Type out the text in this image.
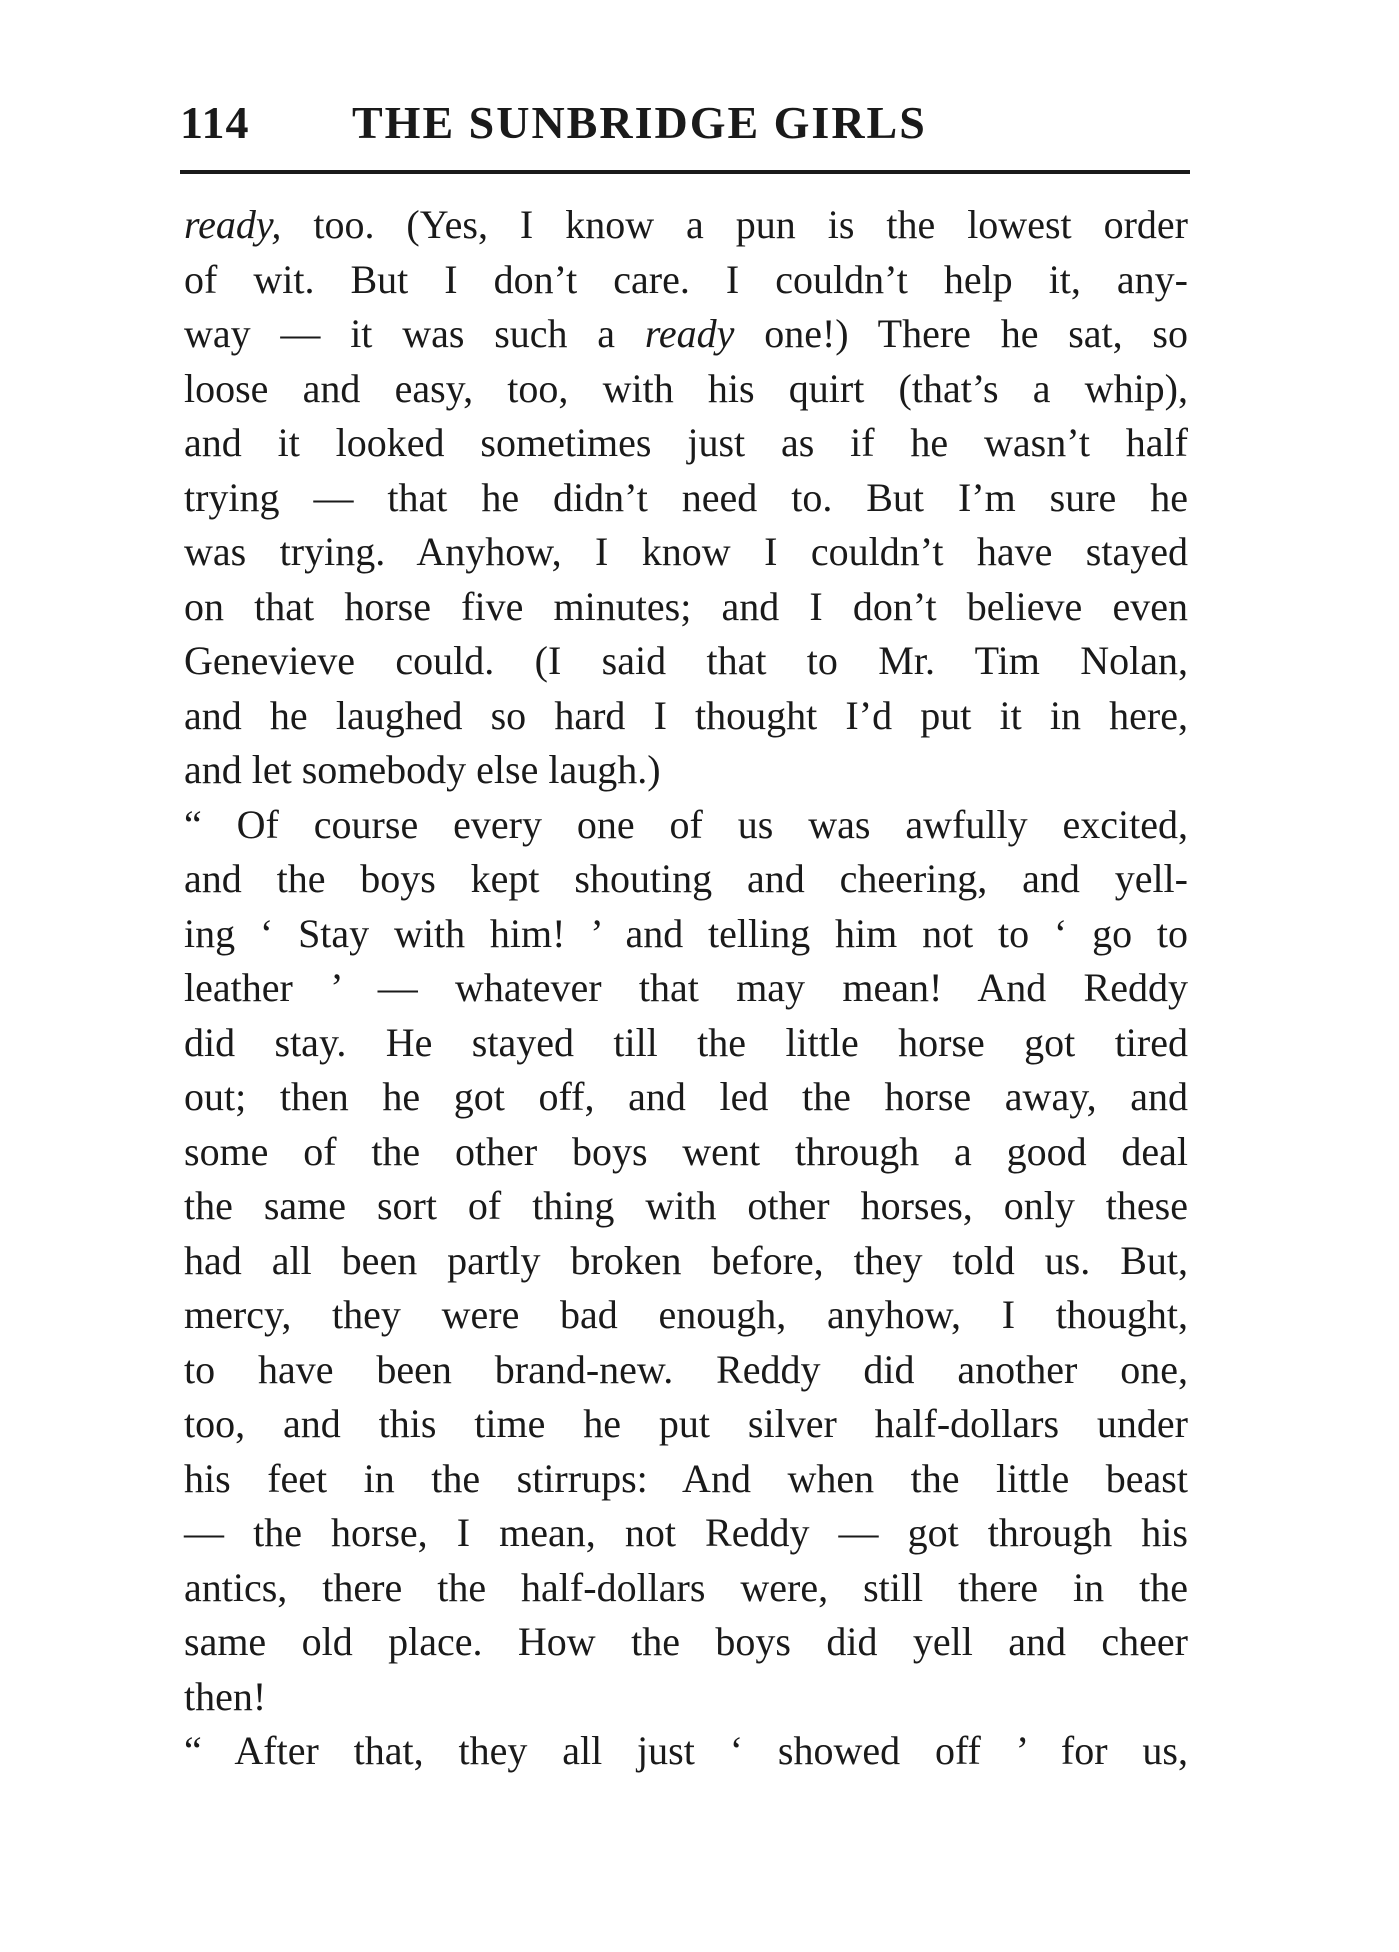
114 THE SUNBRIDGE GIRLS
ready, too. (Yes, I know a pun is the lowest order
of wit. But I don’t care. I couldn’t help it, any-
way — it was such a ready one!) There he sat, so
loose and easy, too, with his quirt (that’s a whip),
and it looked sometimes just as if he wasn’t half
trying — that he didn’t need to. But I’m sure he
was trying. Anyhow, I know I couldn’t have stayed
on that horse five minutes; and I don’t believe even
Genevieve could. (I said that to Mr. Tim Nolan,
and he laughed so hard I thought I’d put it in here,
and let somebody else laugh.)
“ Of course every one of us was awfully excited,
and the boys kept shouting and cheering, and yell-
ing ‘ Stay with him! ’ and telling him not to ‘ go to
leather ’ — whatever that may mean! And Reddy
did stay. He stayed till the little horse got tired
out; then he got off, and led the horse away, and
some of the other boys went through a good deal
the same sort of thing with other horses, only these
had all been partly broken before, they told us. But,
mercy, they were bad enough, anyhow, I thought,
to have been brand-new. Reddy did another one,
too, and this time he put silver half-dollars under
his feet in the stirrups: And when the little beast
— the horse, I mean, not Reddy — got through his
antics, there the half-dollars were, still there in the
same old place. How the boys did yell and cheer
then!
“ After that, they all just ‘ showed off ’ for us,
